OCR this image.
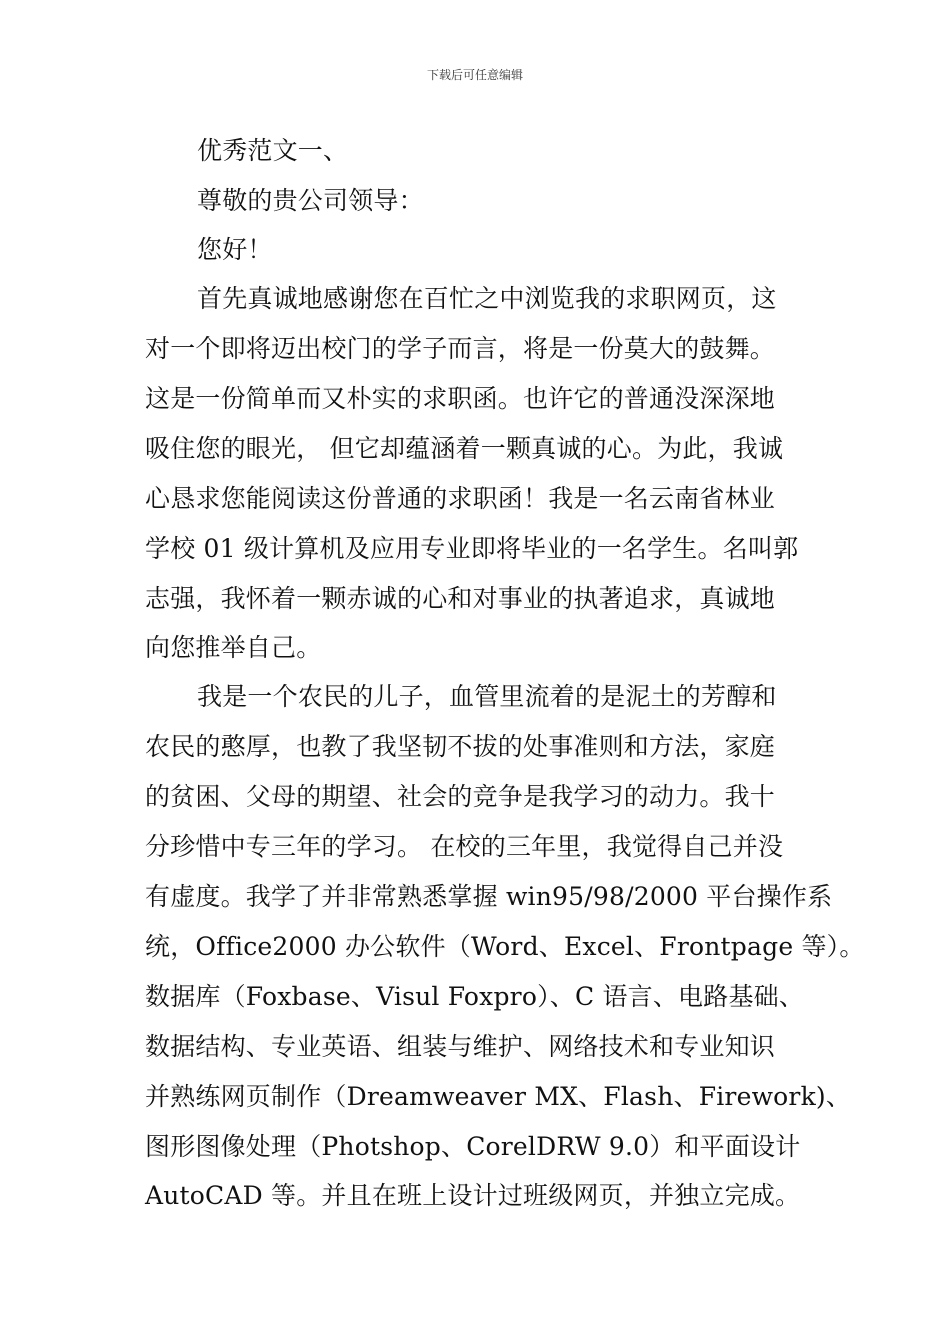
下载后可任意编辑
优秀范文一、
尊敬的贵公司领导：
您好！
首先真诚地感谢您在百忙之中浏览我的求职网页，这
对一个即将迈出校门的学子而言，将是一份莫大的鼓舞。
这是一份简单而又朴实的求职函。也许它的普通没深深地
吸住您的眼光， 但它却蕴涵着一颗真诚的心。为此，我诚
心恳求您能阅读这份普通的求职函！我是一名云南省林业
学校 01 级计算机及应用专业即将毕业的一名学生。名叫郭
志强，我怀着一颗赤诚的心和对事业的执著追求，真诚地
向您推举自己。
我是一个农民的儿子，血管里流着的是泥土的芳醇和
农民的憨厚，也教了我坚韧不拔的处事准则和方法，家庭
的贫困、父母的期望、社会的竞争是我学习的动力。我十
分珍惜中专三年的学习。 在校的三年里，我觉得自己并没
有虚度。我学了并非常熟悉掌握 win95/98/2000 平台操作系
统，Office2000 办公软件（Word、Excel、Frontpage 等）。
数据库（Foxbase、Visul Foxpro）、C 语言、电路基础、
数据结构、专业英语、组装与维护、网络技术和专业知识
并熟练网页制作（Dreamweaver MX、Flash、Firework)、
图形图像处理（Photshop、CorelDRW 9.0）和平面设计
AutoCAD 等。并且在班上设计过班级网页，并独立完成。
